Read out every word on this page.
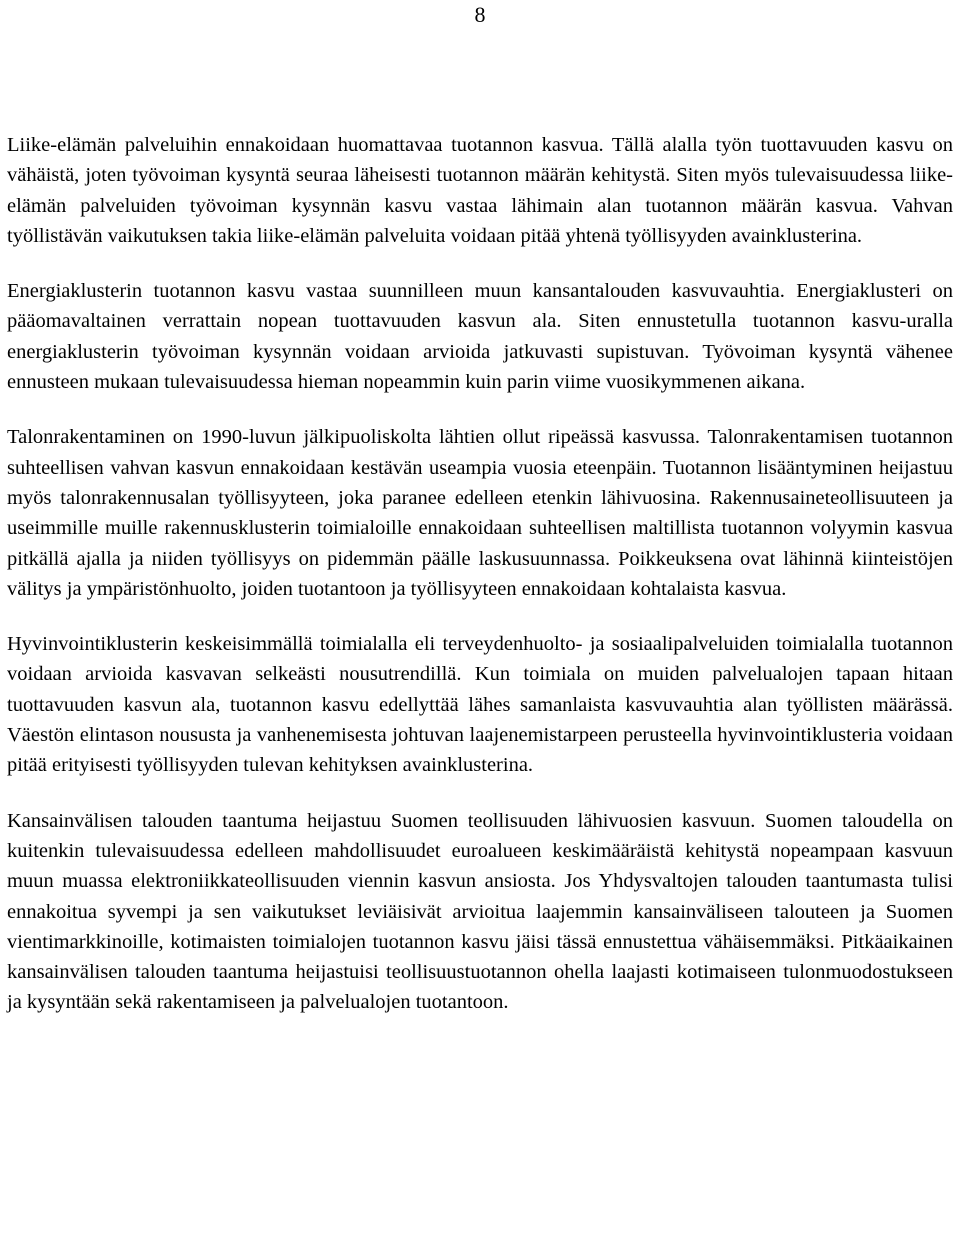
8

Liike-elämän palveluihin ennakoidaan huomattavaa tuotannon kasvua. Tällä alalla työn tuottavuuden kasvu on vähäistä, joten työvoiman kysyntä seuraa läheisesti tuotannon määrän kehitystä. Siten myös tulevaisuudessa liike-elämän palveluiden työvoiman kysynnän kasvu vastaa lähimain alan tuotannon määrän kasvua. Vahvan työllistävän vaikutuksen takia liike-elämän palveluita voidaan pitää yhtenä työllisyyden avainklusterina.

Energiaklusterin tuotannon kasvu vastaa suunnilleen muun kansantalouden kasvuvauhtia. Energiaklusteri on pääomavaltainen verrattain nopean tuottavuuden kasvun ala. Siten ennustetulla tuotannon kasvu-uralla energiaklusterin työvoiman kysynnän voidaan arvioida jatkuvasti supistuvan. Työvoiman kysyntä vähenee ennusteen mukaan tulevaisuudessa hieman nopeammin kuin parin viime vuosikymmenen aikana.

Talonrakentaminen on 1990-luvun jälkipuoliskolta lähtien ollut ripeässä kasvussa. Talonrakentamisen tuotannon suhteellisen vahvan kasvun ennakoidaan kestävän useampia vuosia eteenpäin. Tuotannon lisääntyminen heijastuu myös talonrakennusalan työllisyyteen, joka paranee edelleen etenkin lähivuosina. Rakennusaineteollisuuteen ja useimmille muille rakennusklusterin toimialoille ennakoidaan suhteellisen maltillista tuotannon volyymin kasvua pitkällä ajalla ja niiden työllisyys on pidemmän päälle laskusuunnassa. Poikkeuksena ovat lähinnä kiinteistöjen välitys ja ympäristönhuolto, joiden tuotantoon ja työllisyyteen ennakoidaan kohtalaista kasvua.

Hyvinvointiklusterin keskeisimmällä toimialalla eli terveydenhuolto- ja sosiaalipalveluiden toimialalla tuotannon voidaan arvioida kasvavan selkeästi nousutrendillä. Kun toimiala on muiden palvelualojen tapaan hitaan tuottavuuden kasvun ala, tuotannon kasvu edellyttää lähes samanlaista kasvuvauhtia alan työllisten määrässä. Väestön elintason noususta ja vanhenemisesta johtuvan laajenemistarpeen perusteella hyvinvointiklusteria voidaan pitää erityisesti työllisyyden tulevan kehityksen avainklusterina.

Kansainvälisen talouden taantuma heijastuu Suomen teollisuuden lähivuosien kasvuun. Suomen taloudella on kuitenkin tulevaisuudessa edelleen mahdollisuudet euroalueen keskimääräistä kehitystä nopeampaan kasvuun muun muassa elektroniikkateollisuuden viennin kasvun ansiosta. Jos Yhdysvaltojen talouden taantumasta tulisi ennakoitua syvempi ja sen vaikutukset leviäisivät arvioitua laajemmin kansainväliseen talouteen ja Suomen vientimarkkinoille, kotimaisten toimialojen tuotannon kasvu jäisi tässä ennustettua vähäisemmäksi. Pitkäaikainen kansainvälisen talouden taantuma heijastuisi teollisuustuotannon ohella laajasti kotimaiseen tulonmuodostukseen ja kysyntään sekä rakentamiseen ja palvelualojen tuotantoon.
